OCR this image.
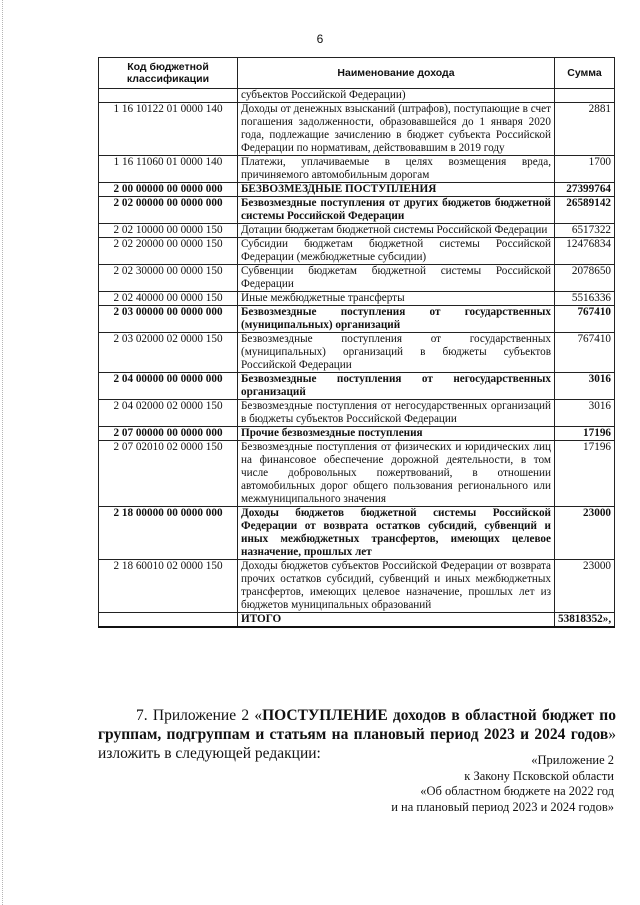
6
Код бюджетной классификации	Наименование дохода	Сумма
	субъектов Российской Федерации)	
1 16 10122 01 0000 140	Доходы от денежных взысканий (штрафов), поступающие в счет погашения задолженности, образовавшейся до 1 января 2020 года, подлежащие зачислению в бюджет субъекта Российской Федерации по нормативам, действовавшим в 2019 году	2881
1 16 11060 01 0000 140	Платежи, уплачиваемые в целях возмещения вреда, причиняемого автомобильным дорогам	1700
2 00 00000 00 0000 000	БЕЗВОЗМЕЗДНЫЕ ПОСТУПЛЕНИЯ	27399764
2 02 00000 00 0000 000	Безвозмездные поступления от других бюджетов бюджетной системы Российской Федерации	26589142
2 02 10000 00 0000 150	Дотации бюджетам бюджетной системы Российской Федерации	6517322
2 02 20000 00 0000 150	Субсидии бюджетам бюджетной системы Российской Федерации (межбюджетные субсидии)	12476834
2 02 30000 00 0000 150	Субвенции бюджетам бюджетной системы Российской Федерации	2078650
2 02 40000 00 0000 150	Иные межбюджетные трансферты	5516336
2 03 00000 00 0000 000	Безвозмездные поступления от государственных (муниципальных) организаций	767410
2 03 02000 02 0000 150	Безвозмездные поступления от государственных (муниципальных) организаций в бюджеты субъектов Российской Федерации	767410
2 04 00000 00 0000 000	Безвозмездные поступления от негосударственных организаций	3016
2 04 02000 02 0000 150	Безвозмездные поступления от негосударственных организаций в бюджеты субъектов Российской Федерации	3016
2 07 00000 00 0000 000	Прочие безвозмездные поступления	17196
2 07 02010 02 0000 150	Безвозмездные поступления от физических и юридических лиц на финансовое обеспечение дорожной деятельности, в том числе добровольных пожертвований, в отношении автомобильных дорог общего пользования регионального или межмуниципального значения	17196
2 18 00000 00 0000 000	Доходы бюджетов бюджетной системы Российской Федерации от возврата остатков субсидий, субвенций и иных межбюджетных трансфертов, имеющих целевое назначение, прошлых лет	23000
2 18 60010 02 0000 150	Доходы бюджетов субъектов Российской Федерации от возврата прочих остатков субсидий, субвенций и иных межбюджетных трансфертов, имеющих целевое назначение, прошлых лет из бюджетов муниципальных образований	23000
	ИТОГО	53818352»,
7. Приложение 2 «ПОСТУПЛЕНИЕ доходов в областной бюджет по группам, подгруппам и статьям на плановый период 2023 и 2024 годов» изложить в следующей редакции:	«Приложение 2
к Закону Псковской области
«Об областном бюджете на 2022 год
и на плановый период 2023 и 2024 годов»
